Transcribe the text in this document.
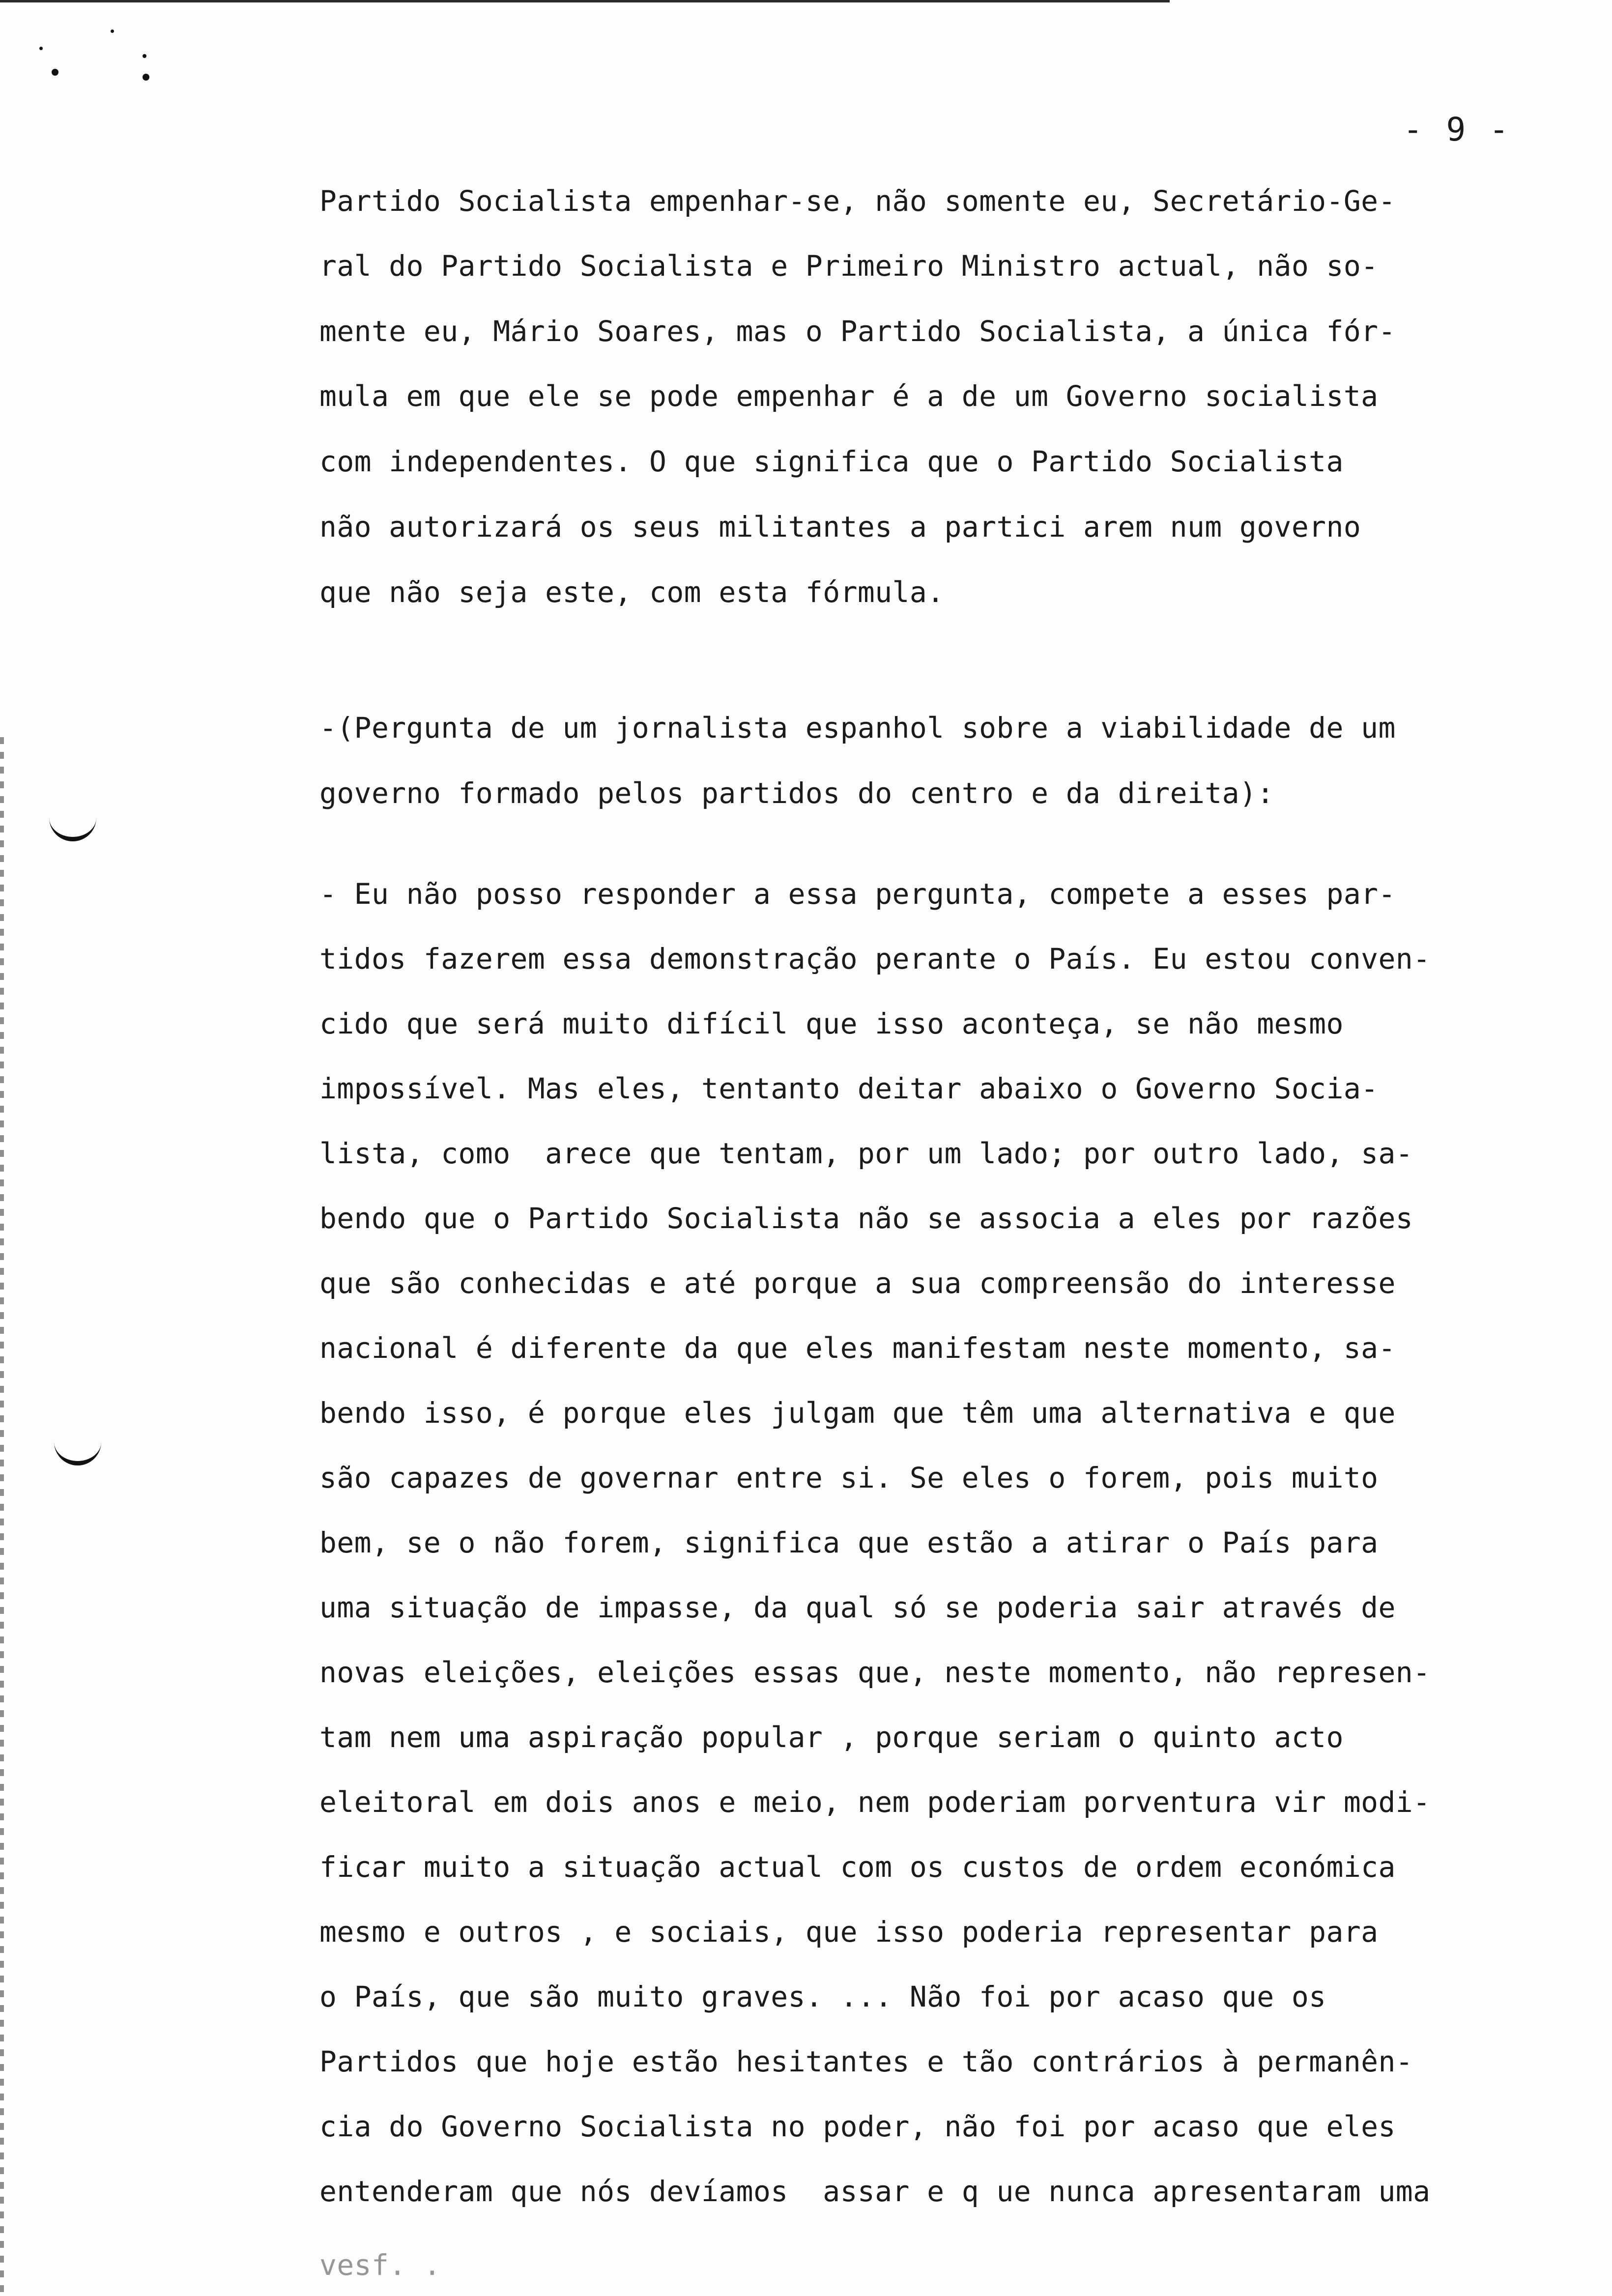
- 9 -
Partido Socialista empenhar-se, não somente eu, Secretário-Ge-
ral do Partido Socialista e Primeiro Ministro actual, não so-
mente eu, Mário Soares, mas o Partido Socialista, a única fór-
mula em que ele se pode empenhar é a de um Governo socialista
com independentes. O que significa que o Partido Socialista
não autorizará os seus militantes a partici arem num governo
que não seja este, com esta fórmula.
-(Pergunta de um jornalista espanhol sobre a viabilidade de um
governo formado pelos partidos do centro e da direita):
- Eu não posso responder a essa pergunta, compete a esses par-
tidos fazerem essa demonstração perante o País. Eu estou conven-
cido que será muito difícil que isso aconteça, se não mesmo
impossível. Mas eles, tentanto deitar abaixo o Governo Socia-
lista, como  arece que tentam, por um lado; por outro lado, sa-
bendo que o Partido Socialista não se associa a eles por razões
que são conhecidas e até porque a sua compreensão do interesse
nacional é diferente da que eles manifestam neste momento, sa-
bendo isso, é porque eles julgam que têm uma alternativa e que
são capazes de governar entre si. Se eles o forem, pois muito
bem, se o não forem, significa que estão a atirar o País para
uma situação de impasse, da qual só se poderia sair através de
novas eleições, eleições essas que, neste momento, não represen-
tam nem uma aspiração popular , porque seriam o quinto acto
eleitoral em dois anos e meio, nem poderiam porventura vir modi-
ficar muito a situação actual com os custos de ordem económica
mesmo e outros , e sociais, que isso poderia representar para
o País, que são muito graves. ... Não foi por acaso que os
Partidos que hoje estão hesitantes e tão contrários à permanên-
cia do Governo Socialista no poder, não foi por acaso que eles
entenderam que nós devíamos  assar e q ue nunca apresentaram uma
vesf. .
